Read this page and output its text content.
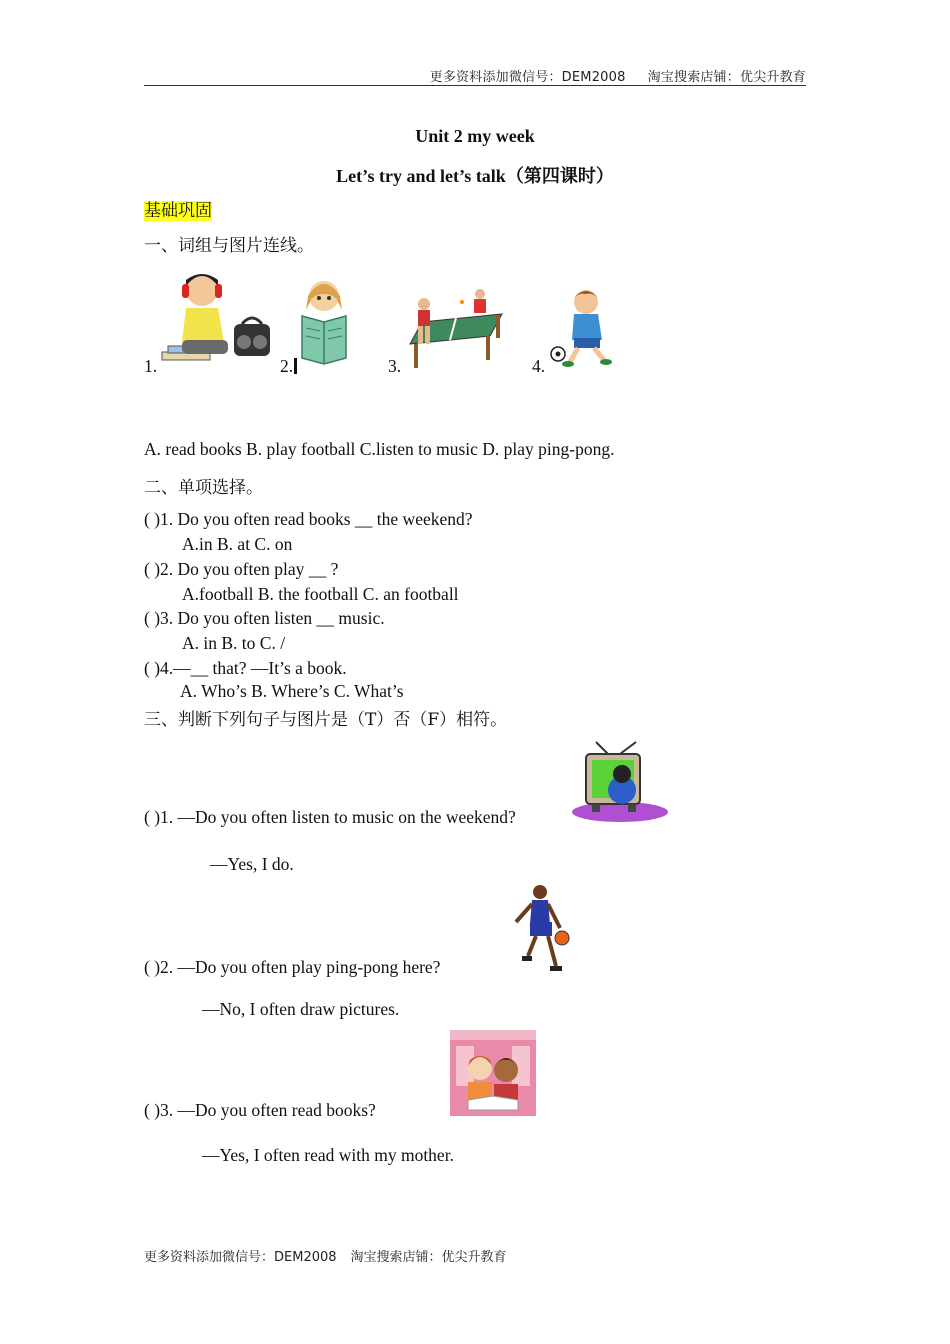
更多资料添加微信号：DEM2008 淘宝搜索店铺：优尖升教育
Unit 2 my week
Let’s try and let’s talk（第四课时）
基础巩固
一、词组与图片连线。
1.	2.	3.	4.
A. read books B. play football C.listen to music D. play ping-pong.
二、单项选择。
( )1. Do you often read books __ the weekend?
A.in B. at C. on
( )2. Do you often play __ ?
A.football B. the football C. an football
( )3. Do you often listen __ music.
A. in B. to C. /
( )4.—__ that? —It’s a book.
A. Who’s B. Where’s C. What’s
三、判断下列句子与图片是（T）否（F）相符。
( )1. —Do you often listen to music on the weekend?
—Yes, I do.
( )2. —Do you often play ping-pong here?
—No, I often draw pictures.
( )3. —Do you often read books?
—Yes, I often read with my mother.
更多资料添加微信号：DEM2008 淘宝搜索店铺：优尖升教育
